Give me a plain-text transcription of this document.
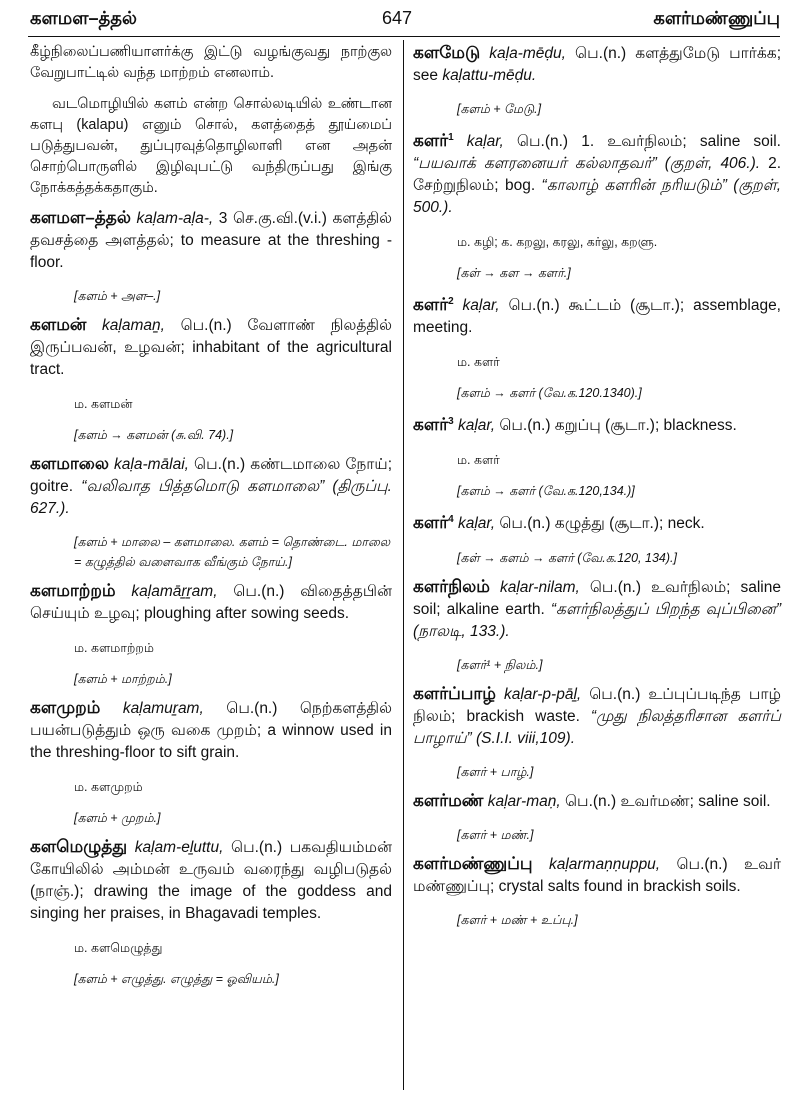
களமள–த்தல்	647	களர்மண்ணுப்பு

கீழ்நிலைப்பணியாளர்க்கு இட்டு வழங்குவது நாற்குல வேறுபாட்டில் வந்த மாற்றம் எனலாம்.

வடமொழியில் களம் என்ற சொல்லடியில் உண்டான களபு (kalapu) எனும் சொல், களத்தைத் தூய்மைப் படுத்துபவன், துப்புரவுத்தொழிலாளி என அதன் சொற்பொருளில் இழிவுபட்டு வந்திருப்பது இங்கு நோக்கத்தக்கதாகும்.

களமள–த்தல் kaḷam-aḷa-, 3 செ.கு.வி.(v.i.) களத்தில் தவசத்தை அளத்தல்; to measure at the threshing - floor.

[களம் + அள–.]

களமன் kaḷamaṉ, பெ.(n.) வேளாண் நிலத்தில் இருப்பவன், உழவன்; inhabitant of the agricultural tract.

ம. களமன்

[களம் → களமன் (சு.வி. 74).]

களமாலை kaḷa-mālai, பெ.(n.) கண்டமாலை நோய்; goitre. “வலிவாத பித்தமொடு களமாலை” (திருப்பு. 627.).

[களம் + மாலை – களமாலை. களம் = தொண்டை. மாலை = கழுத்தில் வளைவாக வீங்கும் நோய்.]

களமாற்றம் kaḷamāṟṟam, பெ.(n.) விதைத்தபின் செய்யும் உழவு; ploughing after sowing seeds.

ம. களமாற்றம்

[களம் + மாற்றம்.]

களமுறம் kaḷamuṟam, பெ.(n.) நெற்களத்தில் பயன்படுத்தும் ஒரு வகை முறம்; a winnow used in the threshing-floor to sift grain.

ம. களமுறம்

[களம் + முறம்.]

களமெழுத்து kaḷam-eḻuttu, பெ.(n.) பகவதியம்மன் கோயிலில் அம்மன் உருவம் வரைந்து வழிபடுதல் (நாஞ்.); drawing the image of the goddess and singing her praises, in Bhagavadi temples.

ம. களமெழுத்து

[களம் + எழுத்து. எழுத்து = ஓவியம்.]

களமேடு kaḷa-mēḍu, பெ.(n.) களத்துமேடு பார்க்க; see kaḷattu-mēḍu.

[களம் + மேடு.]

களர்$^1$ kaḷar, பெ.(n.) 1. உவர்நிலம்; saline soil. “பயவாக் களரனையர் கல்லாதவர்” (குறள், 406.). 2. சேற்றுநிலம்; bog. “காலாழ் களரின் நரியடும்” (குறள், 500.).

ம. கழி; க. கறலு, கரலு, கர்லு, கறளு.

[கள் → கள → களர்.]

களர்$^2$ kaḷar, பெ.(n.) கூட்டம் (சூடா.); assemblage, meeting.

ம. களர்

[களம் → களர் (வே.க.120.1340).]

களர்$^3$ kaḷar, பெ.(n.) கறுப்பு (சூடா.); blackness.

ம. களர்

[களம் → களர் (வே.க.120,134.)]

களர்$^4$ kaḷar, பெ.(n.) கழுத்து (சூடா.); neck.

[கள் → களம் → களர் (வே.க.120, 134).]

களர்நிலம் kaḷar-nilam, பெ.(n.) உவர்நிலம்; saline soil; alkaline earth. “களர்நிலத்துப் பிறந்த வுப்பினை” (நாலடி, 133.).

[களர்¹ + நிலம்.]

களர்ப்பாழ் kaḷar-p-pāḻ, பெ.(n.) உப்புப்படிந்த பாழ் நிலம்; brackish waste. “முது நிலத்தரிசான களர்ப் பாழாய்” (S.I.I. viii,109).

[களர் + பாழ்.]

களர்மண் kaḷar-maṇ, பெ.(n.) உவர்மண்; saline soil.

[களர் + மண்.]

களர்மண்ணுப்பு kaḷarmaṇṇuppu, பெ.(n.) உவர் மண்ணுப்பு; crystal salts found in brackish soils.

[களர் + மண் + உப்பு.]
